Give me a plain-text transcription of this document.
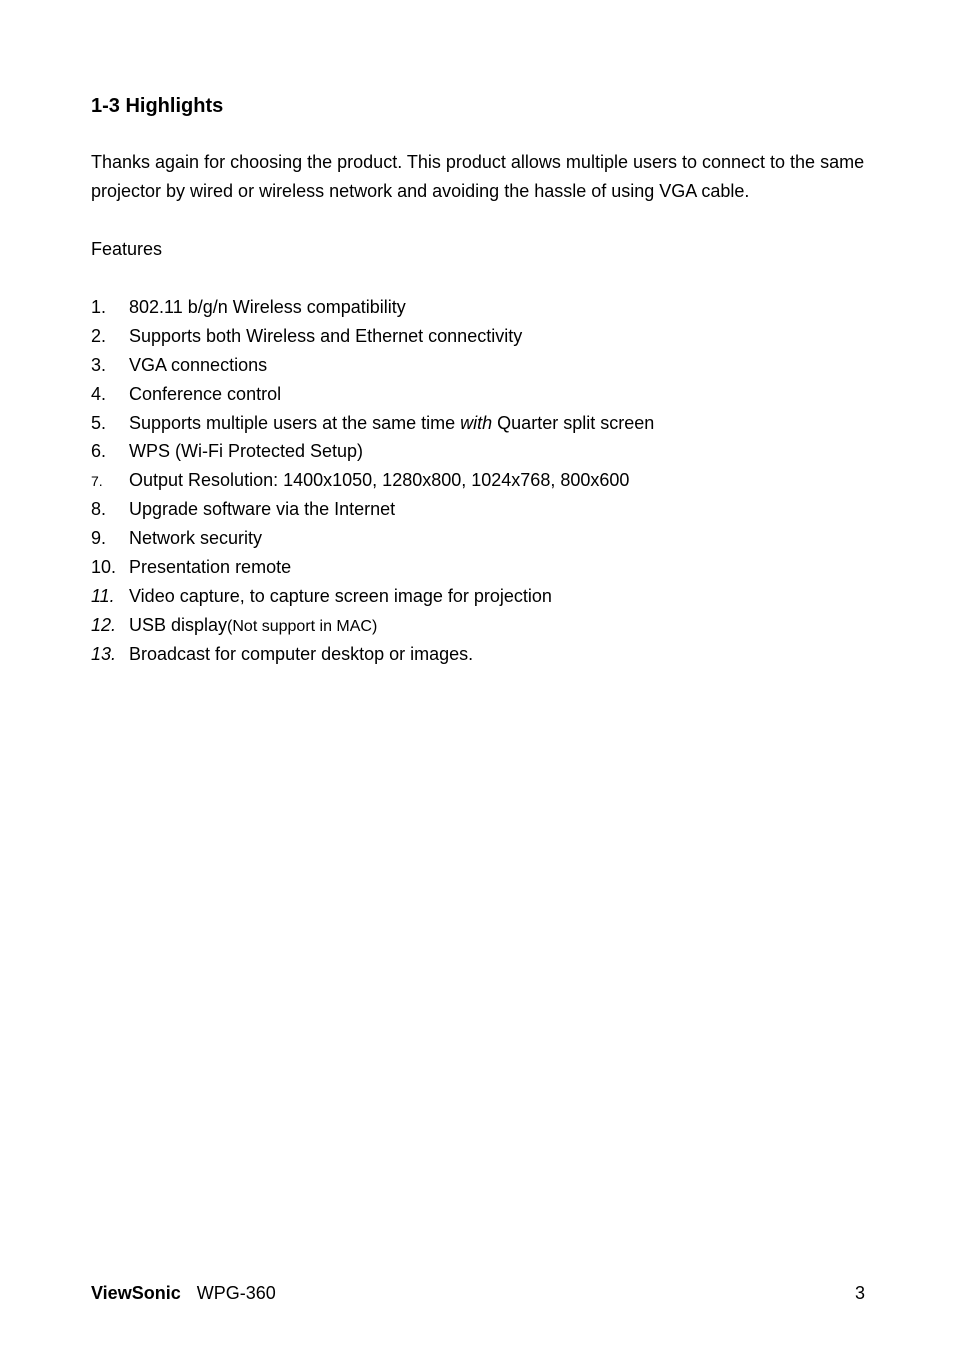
1-3 Highlights

Thanks again for choosing the product. This product allows multiple users to connect to the same projector by wired or wireless network and avoiding the hassle of using VGA cable.

Features

1. 802.11 b/g/n Wireless compatibility
2. Supports both Wireless and Ethernet connectivity
3. VGA connections
4. Conference control
5. Supports multiple users at the same time with Quarter split screen
6. WPS (Wi-Fi Protected Setup)
7. Output Resolution: 1400x1050, 1280x800, 1024x768, 800x600
8. Upgrade software via the Internet
9. Network security
10. Presentation remote
11. Video capture, to capture screen image for projection
12. USB display(Not support in MAC)
13. Broadcast for computer desktop or images.
ViewSonic WPG-360	3
